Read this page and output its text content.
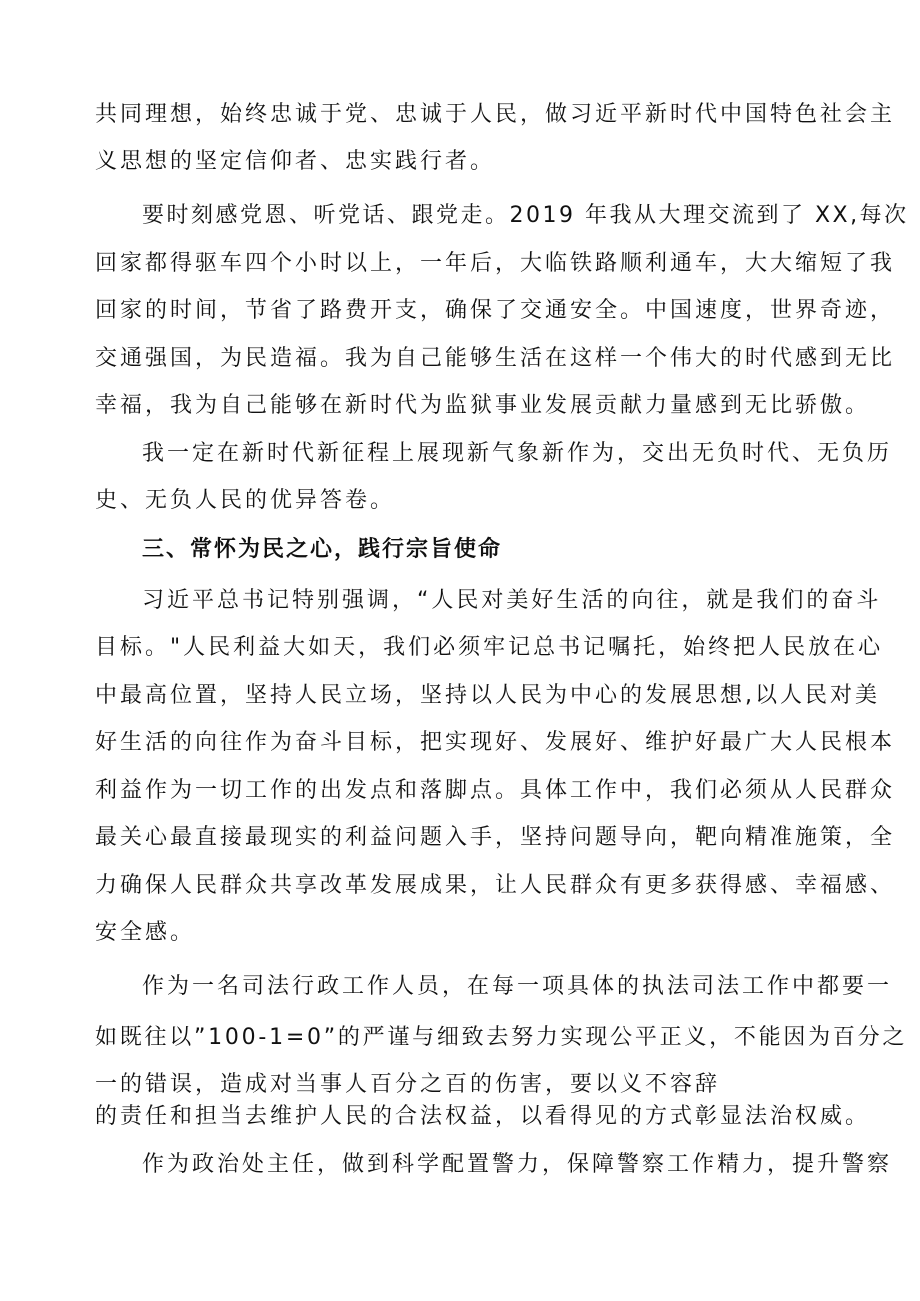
共同理想，始终忠诚于党、忠诚于人民，做习近平新时代中国特色社会主
义思想的坚定信仰者、忠实践行者。
要时刻感党恩、听党话、跟党走。2019 年我从大理交流到了 XX,每次
回家都得驱车四个小时以上，一年后，大临铁路顺利通车，大大缩短了我
回家的时间，节省了路费开支，确保了交通安全。中国速度，世界奇迹，
交通强国，为民造福。我为自己能够生活在这样一个伟大的时代感到无比
幸福，我为自己能够在新时代为监狱事业发展贡献力量感到无比骄傲。
我一定在新时代新征程上展现新气象新作为，交出无负时代、无负历
史、无负人民的优异答卷。
三、常怀为民之心，践行宗旨使命
习近平总书记特别强调，“人民对美好生活的向往，就是我们的奋斗
目标。"人民利益大如天，我们必须牢记总书记嘱托，始终把人民放在心
中最高位置，坚持人民立场，坚持以人民为中心的发展思想,以人民对美
好生活的向往作为奋斗目标，把实现好、发展好、维护好最广大人民根本
利益作为一切工作的出发点和落脚点。具体工作中，我们必须从人民群众
最关心最直接最现实的利益问题入手，坚持问题导向，靶向精准施策，全
力确保人民群众共享改革发展成果，让人民群众有更多获得感、幸福感、
安全感。
作为一名司法行政工作人员，在每一项具体的执法司法工作中都要一
如既往以”100-1=0”的严谨与细致去努力实现公平正义，不能因为百分之
一的错误，造成对当事人百分之百的伤害，要以义不容辞
的责任和担当去维护人民的合法权益，以看得见的方式彰显法治权威。
作为政治处主任，做到科学配置警力，保障警察工作精力，提升警察
